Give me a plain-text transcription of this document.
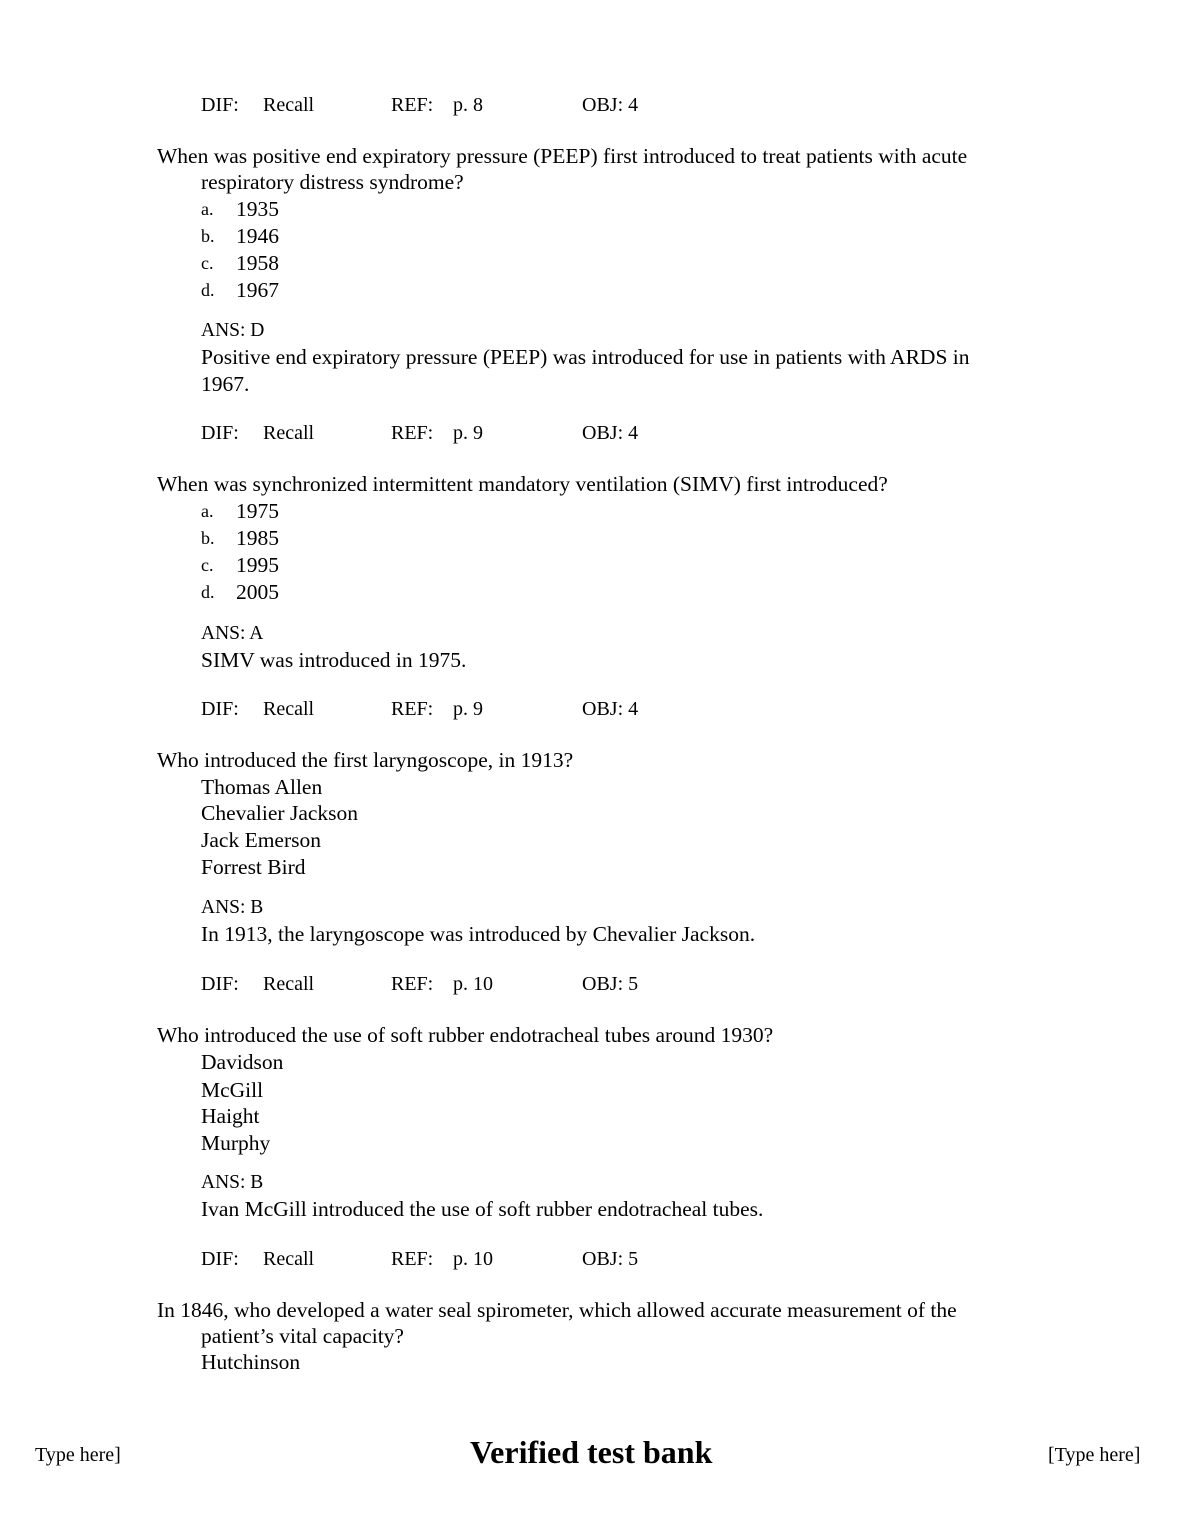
DIF: Recall	REF: p. 8	OBJ: 4
When was positive end expiratory pressure (PEEP) first introduced to treat patients with acute
respiratory distress syndrome?
a. 1935
b. 1946
c. 1958
d. 1967
ANS: D
Positive end expiratory pressure (PEEP) was introduced for use in patients with ARDS in
1967.
DIF: Recall	REF: p. 9	OBJ: 4
When was synchronized intermittent mandatory ventilation (SIMV) first introduced?
a. 1975
b. 1985
c. 1995
d. 2005
ANS: A
SIMV was introduced in 1975.
DIF: Recall	REF: p. 9	OBJ: 4
Who introduced the first laryngoscope, in 1913?
Thomas Allen
Chevalier Jackson
Jack Emerson
Forrest Bird
ANS: B
In 1913, the laryngoscope was introduced by Chevalier Jackson.
DIF: Recall	REF: p. 10	OBJ: 5
Who introduced the use of soft rubber endotracheal tubes around 1930?
Davidson
McGill
Haight
Murphy
ANS: B
Ivan McGill introduced the use of soft rubber endotracheal tubes.
DIF: Recall	REF: p. 10	OBJ: 5
In 1846, who developed a water seal spirometer, which allowed accurate measurement of the
patient’s vital capacity?
Hutchinson
Type here]	Verified test bank	[Type here]
